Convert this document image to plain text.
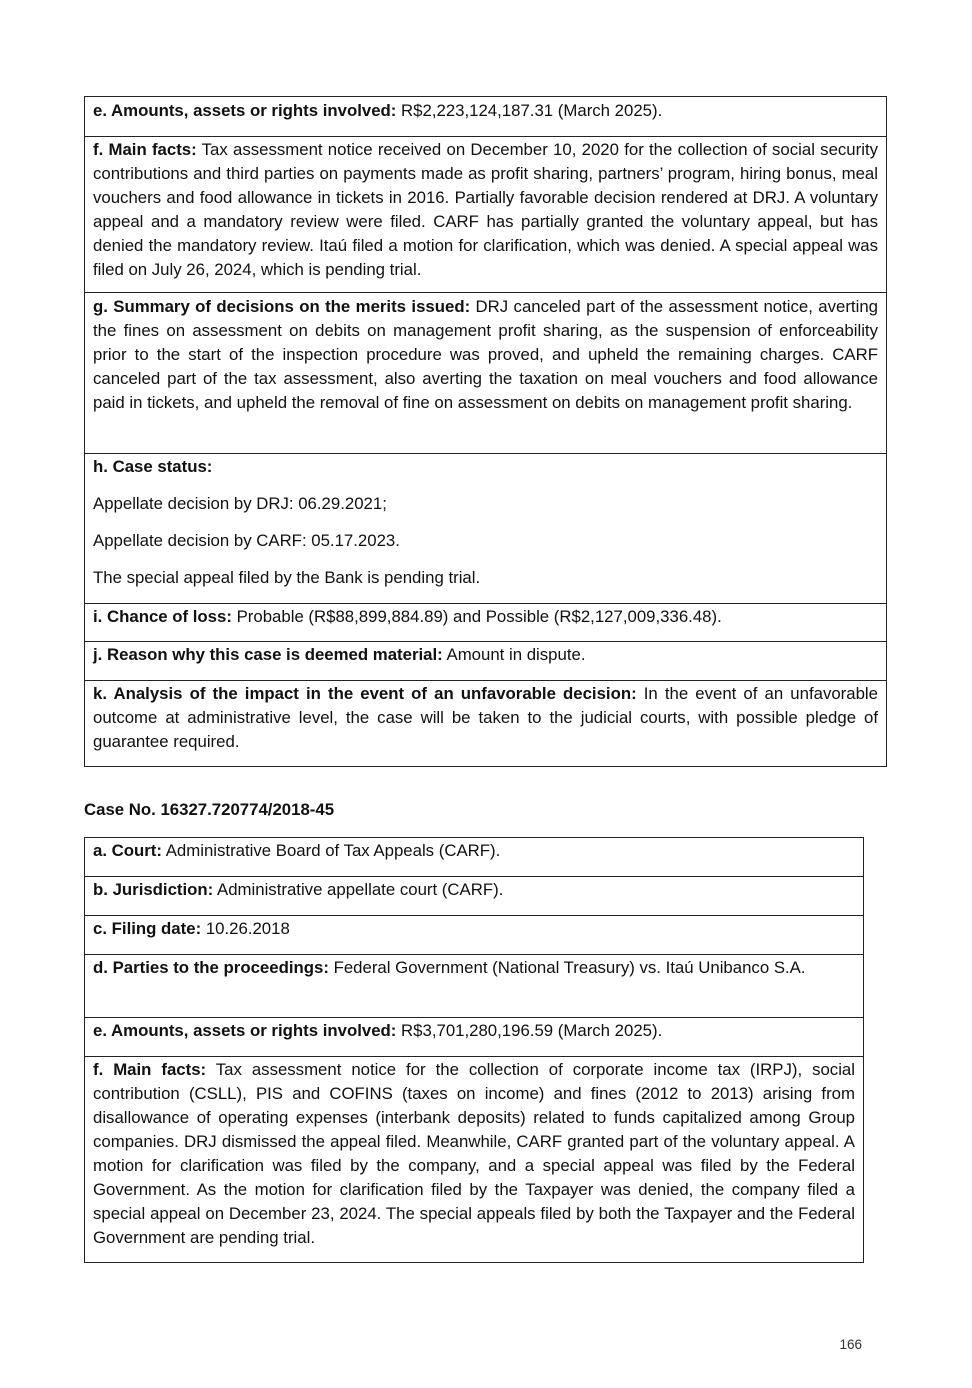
e. Amounts, assets or rights involved: R$2,223,124,187.31 (March 2025).
f. Main facts: Tax assessment notice received on December 10, 2020 for the collection of social security contributions and third parties on payments made as profit sharing, partners’ program, hiring bonus, meal vouchers and food allowance in tickets in 2016. Partially favorable decision rendered at DRJ. A voluntary appeal and a mandatory review were filed. CARF has partially granted the voluntary appeal, but has denied the mandatory review. Itaú filed a motion for clarification, which was denied. A special appeal was filed on July 26, 2024, which is pending trial.
g. Summary of decisions on the merits issued: DRJ canceled part of the assessment notice, averting the fines on assessment on debits on management profit sharing, as the suspension of enforceability prior to the start of the inspection procedure was proved, and upheld the remaining charges. CARF canceled part of the tax assessment, also averting the taxation on meal vouchers and food allowance paid in tickets, and upheld the removal of fine on assessment on debits on management profit sharing.

h. Case status:

Appellate decision by DRJ: 06.29.2021;

Appellate decision by CARF: 05.17.2023.

The special appeal filed by the Bank is pending trial.

i. Chance of loss: Probable (R$88,899,884.89) and Possible (R$2,127,009,336.48).
j. Reason why this case is deemed material: Amount in dispute.
k. Analysis of the impact in the event of an unfavorable decision: In the event of an unfavorable outcome at administrative level, the case will be taken to the judicial courts, with possible pledge of guarantee required.

Case No. 16327.720774/2018-45

a. Court: Administrative Board of Tax Appeals (CARF).
b. Jurisdiction: Administrative appellate court (CARF).
c. Filing date: 10.26.2018
d. Parties to the proceedings: Federal Government (National Treasury) vs. Itaú Unibanco S.A.
e. Amounts, assets or rights involved: R$3,701,280,196.59 (March 2025).
f. Main facts: Tax assessment notice for the collection of corporate income tax (IRPJ), social contribution (CSLL), PIS and COFINS (taxes on income) and fines (2012 to 2013) arising from disallowance of operating expenses (interbank deposits) related to funds capitalized among Group companies. DRJ dismissed the appeal filed. Meanwhile, CARF granted part of the voluntary appeal. A motion for clarification was filed by the company, and a special appeal was filed by the Federal Government. As the motion for clarification filed by the Taxpayer was denied, the company filed a special appeal on December 23, 2024. The special appeals filed by both the Taxpayer and the Federal Government are pending trial.
166
